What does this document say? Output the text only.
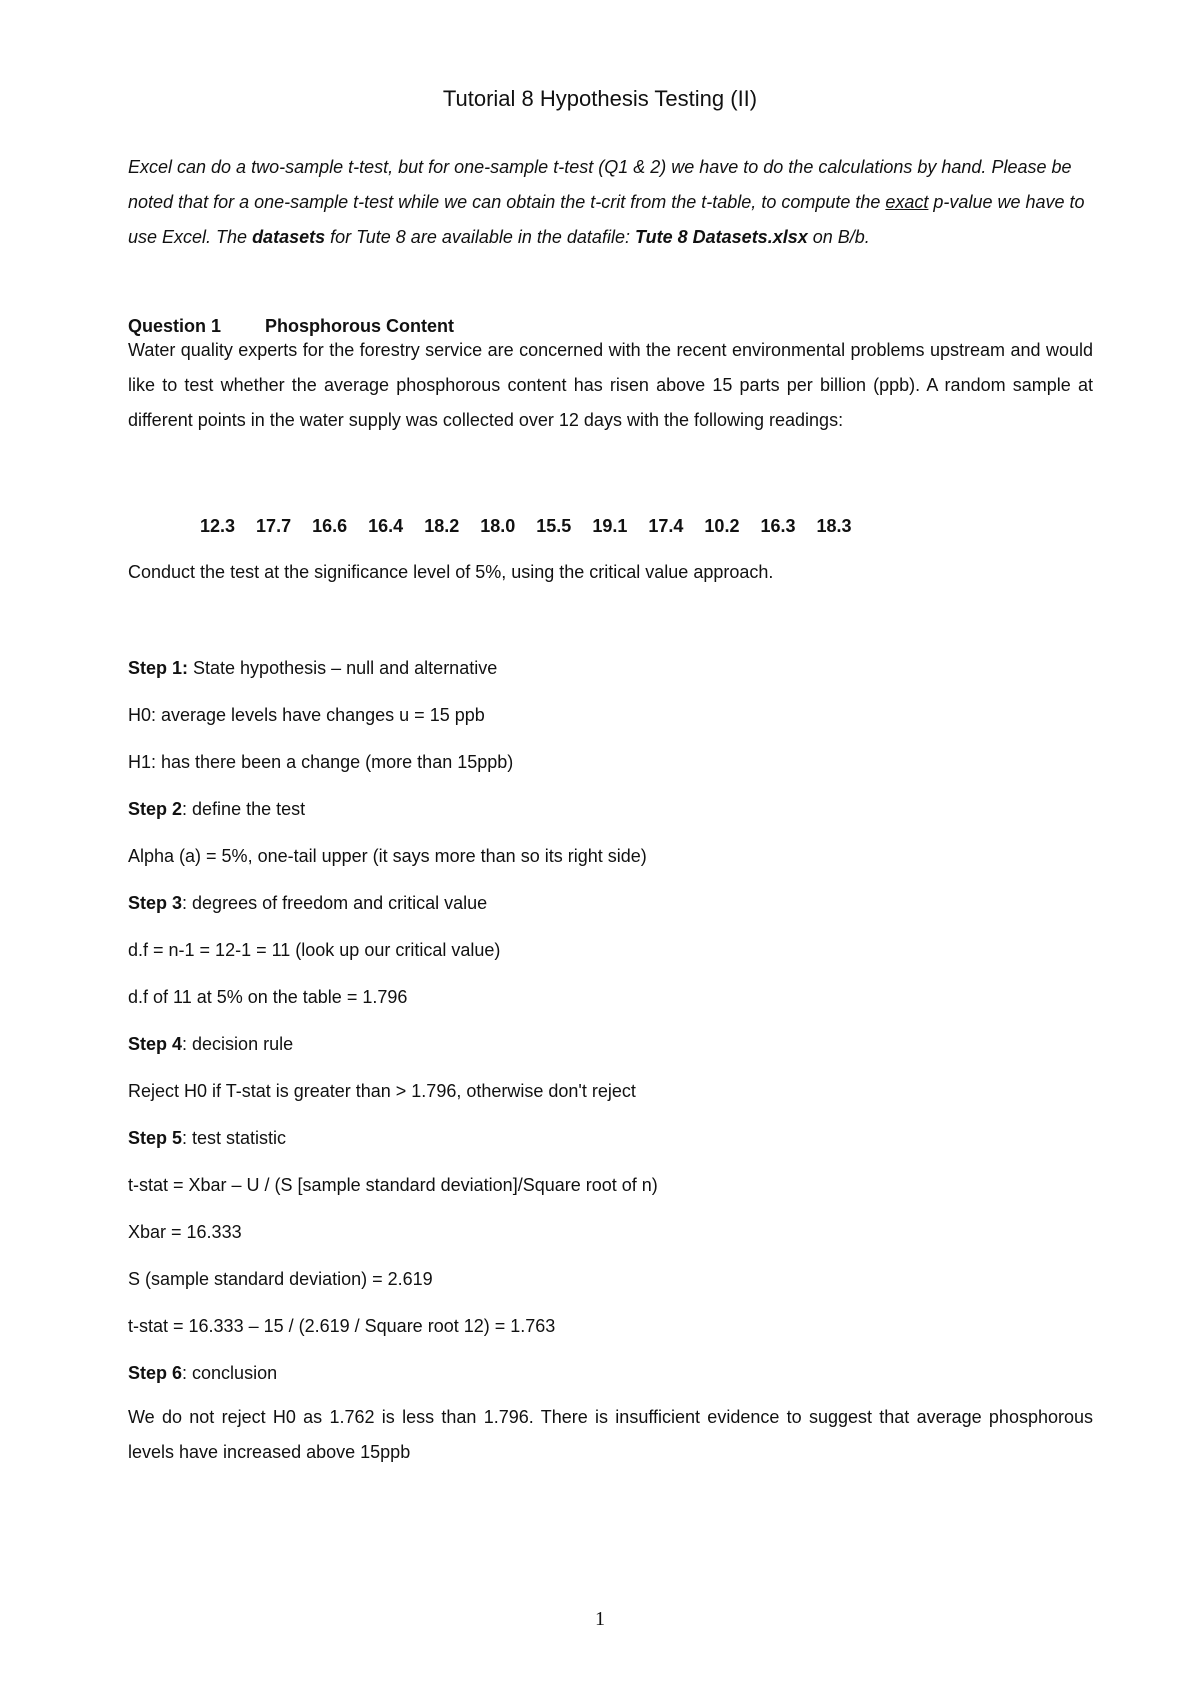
Tutorial 8 Hypothesis Testing (II)

Excel can do a two-sample t-test, but for one-sample t-test (Q1 & 2) we have to do the calculations by hand. Please be noted that for a one-sample t-test while we can obtain the t-crit from the t-table, to compute the exact p-value we have to use Excel. The datasets for Tute 8 are available in the datafile: Tute 8 Datasets.xlsx on B/b.

Question 1 Phosphorous Content

Water quality experts for the forestry service are concerned with the recent environmental problems upstream and would like to test whether the average phosphorous content has risen above 15 parts per billion (ppb). A random sample at different points in the water supply was collected over 12 days with the following readings:

12.3 17.7 16.6 16.4 18.2 18.0 15.5 19.1 17.4 10.2 16.3 18.3

Conduct the test at the significance level of 5%, using the critical value approach.

Step 1: State hypothesis – null and alternative

H0: average levels have changes u = 15 ppb

H1: has there been a change (more than 15ppb)

Step 2: define the test

Alpha (a) = 5%, one-tail upper (it says more than so its right side)

Step 3: degrees of freedom and critical value

d.f = n-1 = 12-1 = 11 (look up our critical value)

d.f of 11 at 5% on the table = 1.796

Step 4: decision rule

Reject H0 if T-stat is greater than > 1.796, otherwise don't reject

Step 5: test statistic

t-stat = Xbar – U / (S [sample standard deviation]/Square root of n)

Xbar = 16.333

S (sample standard deviation) = 2.619

t-stat = 16.333 – 15 / (2.619 / Square root 12) = 1.763

Step 6: conclusion

We do not reject H0 as 1.762 is less than 1.796. There is insufficient evidence to suggest that average phosphorous levels have increased above 15ppb

1
